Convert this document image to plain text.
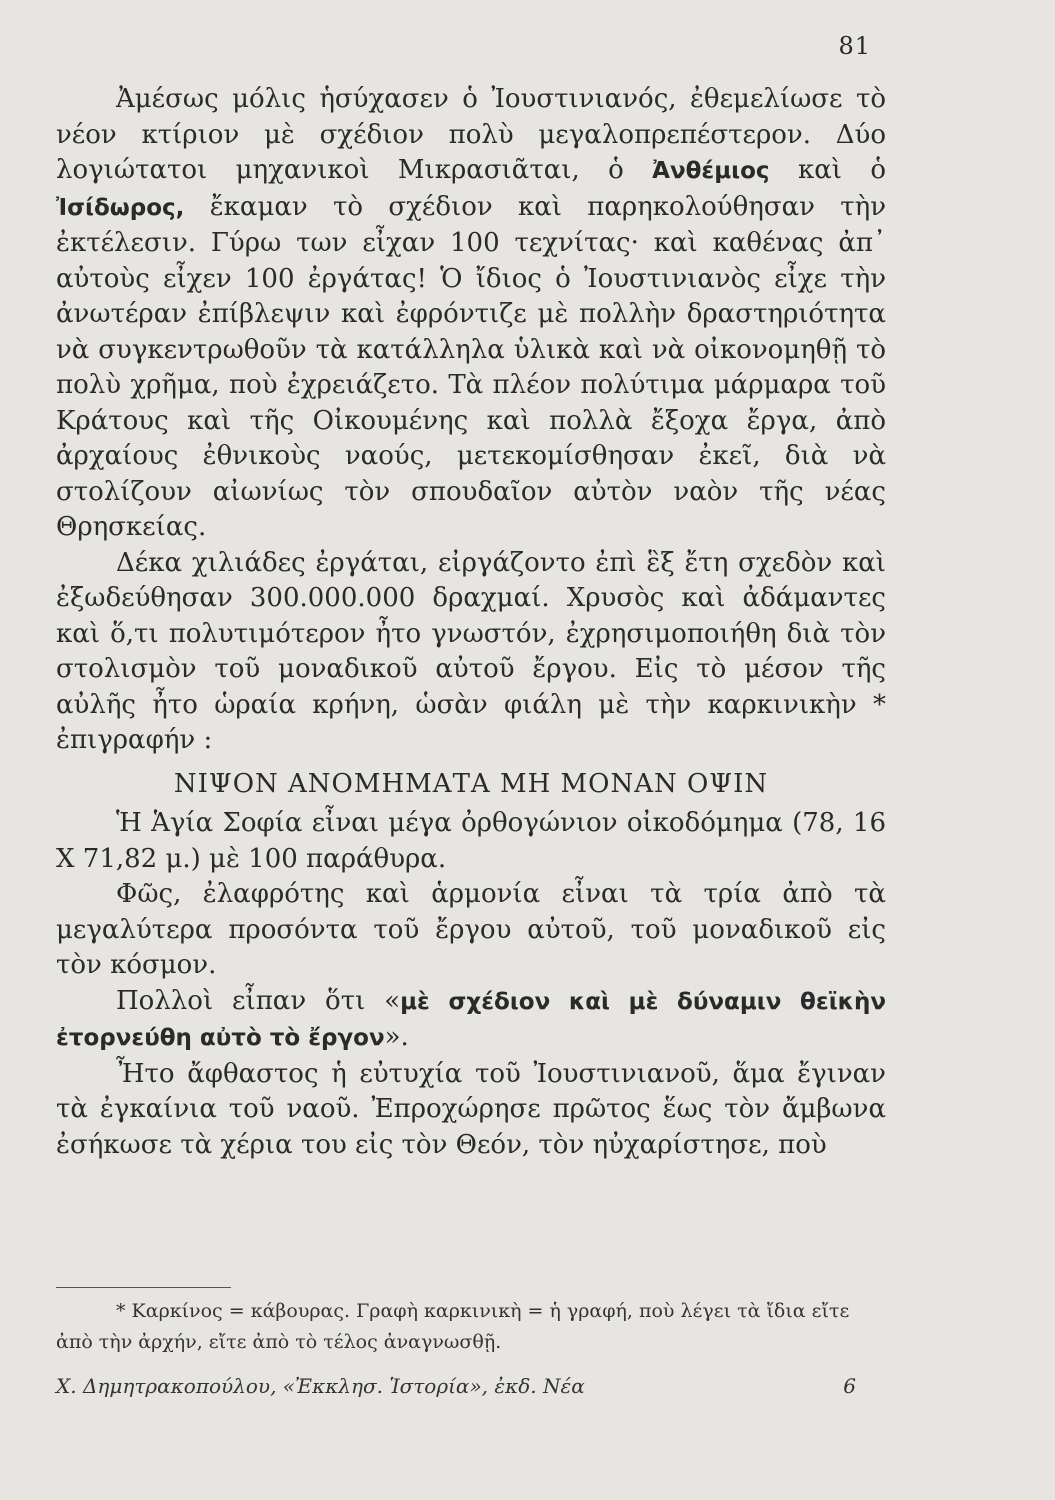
81

Ἀμέσως μόλις ἡσύχασεν ὁ Ἰουστινιανός, ἐθεμελίωσε τὸ νέον κτίριον μὲ σχέδιον πολὺ μεγαλοπρεπέστερον. Δύο λογιώτατοι μηχανικοὶ Μικρασιᾶται, ὁ Ἀνθέμιος καὶ ὁ Ἰσίδωρος, ἔκαμαν τὸ σχέδιον καὶ παρηκολούθησαν τὴν ἐκτέλεσιν. Γύρω των εἶχαν 100 τεχνίτας· καὶ καθένας ἀπ᾽ αὐτοὺς εἶχεν 100 ἐργάτας! Ὁ ἴδιος ὁ Ἰουστινιανὸς εἶχε τὴν ἀνωτέραν ἐπίβλεψιν καὶ ἐφρόντιζε μὲ πολλὴν δραστηριότητα νὰ συγκεντρωθοῦν τὰ κατάλληλα ὑλικὰ καὶ νὰ οἰκονομηθῇ τὸ πολὺ χρῆμα, ποὺ ἐχρειάζετο. Τὰ πλέον πολύτιμα μάρμαρα τοῦ Κράτους καὶ τῆς Οἰκουμένης καὶ πολλὰ ἔξοχα ἔργα, ἀπὸ ἀρχαίους ἐθνικοὺς ναούς, μετεκομίσθησαν ἐκεῖ, διὰ νὰ στολίζουν αἰωνίως τὸν σπουδαῖον αὐτὸν ναὸν τῆς νέας Θρησκείας.

Δέκα χιλιάδες ἐργάται, εἰργάζοντο ἐπὶ ἓξ ἔτη σχεδὸν καὶ ἐξωδεύθησαν 300.000.000 δραχμαί. Χρυσὸς καὶ ἀδάμαντες καὶ ὅ,τι πολυτιμότερον ἦτο γνωστόν, ἐχρησιμοποιήθη διὰ τὸν στολισμὸν τοῦ μοναδικοῦ αὐτοῦ ἔργου. Εἰς τὸ μέσον τῆς αὐλῆς ἦτο ὡραία κρήνη, ὡσὰν φιάλη μὲ τὴν καρκινικὴν * ἐπιγραφήν :

ΝΙΨΟΝ ΑΝΟΜΗΜΑΤΑ ΜΗ ΜΟΝΑΝ ΟΨΙΝ

Ἡ Ἁγία Σοφία εἶναι μέγα ὀρθογώνιον οἰκοδόμημα (78, 16 Χ 71,82 μ.) μὲ 100 παράθυρα.

Φῶς, ἐλαφρότης καὶ ἁρμονία εἶναι τὰ τρία ἀπὸ τὰ μεγαλύτερα προσόντα τοῦ ἔργου αὐτοῦ, τοῦ μοναδικοῦ εἰς τὸν κόσμον.

Πολλοὶ εἶπαν ὅτι «μὲ σχέδιον καὶ μὲ δύναμιν θεϊκὴν ἐτορνεύθη αὐτὸ τὸ ἔργον».

Ἦτο ἄφθαστος ἡ εὐτυχία τοῦ Ἰουστινιανοῦ, ἅμα ἔγιναν τὰ ἐγκαίνια τοῦ ναοῦ. Ἐπροχώρησε πρῶτος ἕως τὸν ἄμβωνα ἐσήκωσε τὰ χέρια του εἰς τὸν Θεόν, τὸν ηὐχαρίστησε, ποὺ

* Καρκίνος = κάβουρας. Γραφὴ καρκινικὴ = ἡ γραφή, ποὺ λέγει τὰ ἴδια εἴτε ἀπὸ τὴν ἀρχήν, εἴτε ἀπὸ τὸ τέλος ἀναγνωσθῇ.

Χ. Δημητρακοπούλου, «Ἐκκλησ. Ἱστορία», ἐκδ. Νέα	6
